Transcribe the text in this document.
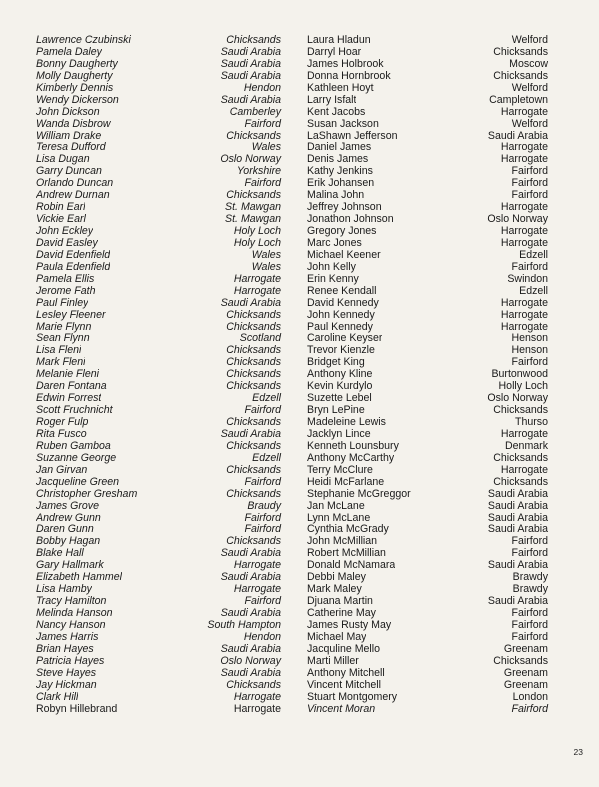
Lawrence Czubinski	Chicksands
Pamela Daley	Saudi Arabia
Bonny Daugherty	Saudi Arabia
Molly Daugherty	Saudi Arabia
Kimberly Dennis	Hendon
Wendy Dickerson	Saudi Arabia
John Dickson	Camberley
Wanda Disbrow	Fairford
William Drake	Chicksands
Teresa Dufford	Wales
Lisa Dugan	Oslo Norway
Garry Duncan	Yorkshire
Orlando Duncan	Fairford
Andrew Durnan	Chicksands
Robin Earl	St. Mawgan
Vickie Earl	St. Mawgan
John Eckley	Holy Loch
David Easley	Holy Loch
David Edenfield	Wales
Paula Edenfield	Wales
Pamela Ellis	Harrogate
Jerome Fath	Harrogate
Paul Finley	Saudi Arabia
Lesley Fleener	Chicksands
Marie Flynn	Chicksands
Sean Flynn	Scotland
Lisa Fleni	Chicksands
Mark Fleni	Chicksands
Melanie Fleni	Chicksands
Daren Fontana	Chicksands
Edwin Forrest	Edzell
Scott Fruchnicht	Fairford
Roger Fulp	Chicksands
Rita Fusco	Saudi Arabia
Ruben Gamboa	Chicksands
Suzanne George	Edzell
Jan Girvan	Chicksands
Jacqueline Green	Fairford
Christopher Gresham	Chicksands
James Grove	Braudy
Andrew Gunn	Fairford
Daren Gunn	Fairford
Bobby Hagan	Chicksands
Blake Hall	Saudi Arabia
Gary Hallmark	Harrogate
Elizabeth Hammel	Saudi Arabia
Lisa Hamby	Harrogate
Tracy Hamilton	Fairford
Melinda Hanson	Saudi Arabia
Nancy Hanson	South Hampton
James Harris	Hendon
Brian Hayes	Saudi Arabia
Patricia Hayes	Oslo Norway
Steve Hayes	Saudi Arabia
Jay Hickman	Chicksands
Clark Hill	Harrogate
Robyn Hillebrand	Harrogate
Laura Hladun	Welford
Darryl Hoar	Chicksands
James Holbrook	Moscow
Donna Hornbrook	Chicksands
Kathleen Hoyt	Welford
Larry Isfalt	Campletown
Kent Jacobs	Harrogate
Susan Jackson	Welford
LaShawn Jefferson	Saudi Arabia
Daniel James	Harrogate
Denis James	Harrogate
Kathy Jenkins	Fairford
Erik Johansen	Fairford
Malina John	Fairford
Jeffrey Johnson	Harrogate
Jonathon Johnson	Oslo Norway
Gregory Jones	Harrogate
Marc Jones	Harrogate
Michael Keener	Edzell
John Kelly	Fairford
Erin Kenny	Swindon
Renee Kendall	Edzell
David Kennedy	Harrogate
John Kennedy	Harrogate
Paul Kennedy	Harrogate
Caroline Keyser	Henson
Trevor Kienzle	Henson
Bridget King	Fairford
Anthony Kline	Burtonwood
Kevin Kurdylo	Holly Loch
Suzette Lebel	Oslo Norway
Bryn LePine	Chicksands
Madeleine Lewis	Thurso
Jacklyn Lince	Harrogate
Kenneth Lounsbury	Denmark
Anthony McCarthy	Chicksands
Terry McClure	Harrogate
Heidi McFarlane	Chicksands
Stephanie McGreggor	Saudi Arabia
Jan McLane	Saudi Arabia
Lynn McLane	Saudi Arabia
Cynthia McGrady	Saudi Arabia
John McMillian	Fairford
Robert McMillian	Fairford
Donald McNamara	Saudi Arabia
Debbi Maley	Brawdy
Mark Maley	Brawdy
Djuana Martin	Saudi Arabia
Catherine May	Fairford
James Rusty May	Fairford
Michael May	Fairford
Jacquline Mello	Greenam
Marti Miller	Chicksands
Anthony Mitchell	Greenam
Vincent Mitchell	Greenam
Stuart Montgomery	London
Vincent Moran	Fairford
23
